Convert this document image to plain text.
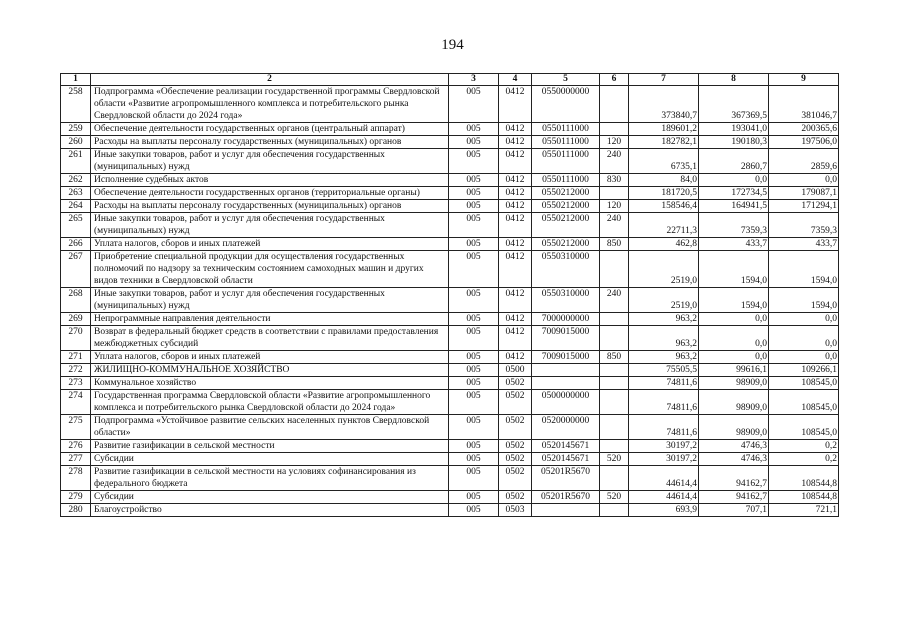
194
1	2	3	4	5	6	7	8	9
258	Подпрограмма «Обеспечение реализации государственной программы Свердловской области «Развитие агропромышленного комплекса и потребительского рынка Свердловской области до 2024 года»	005	0412	0550000000		373840,7	367369,5	381046,7
259	Обеспечение деятельности государственных органов (центральный аппарат)	005	0412	0550111000		189601,2	193041,0	200365,6
260	Расходы на выплаты персоналу государственных (муниципальных) органов	005	0412	0550111000	120	182782,1	190180,3	197506,0
261	Иные закупки товаров, работ и услуг для обеспечения государственных (муниципальных) нужд	005	0412	0550111000	240	6735,1	2860,7	2859,6
262	Исполнение судебных актов	005	0412	0550111000	830	84,0	0,0	0,0
263	Обеспечение деятельности государственных органов (территориальные органы)	005	0412	0550212000		181720,5	172734,5	179087,1
264	Расходы на выплаты персоналу государственных (муниципальных) органов	005	0412	0550212000	120	158546,4	164941,5	171294,1
265	Иные закупки товаров, работ и услуг для обеспечения государственных (муниципальных) нужд	005	0412	0550212000	240	22711,3	7359,3	7359,3
266	Уплата налогов, сборов и иных платежей	005	0412	0550212000	850	462,8	433,7	433,7
267	Приобретение специальной продукции для осуществления государственных полномочий по надзору за техническим состоянием самоходных машин и других видов техники в Свердловской области	005	0412	0550310000		2519,0	1594,0	1594,0
268	Иные закупки товаров, работ и услуг для обеспечения государственных (муниципальных) нужд	005	0412	0550310000	240	2519,0	1594,0	1594,0
269	Непрограммные направления деятельности	005	0412	7000000000		963,2	0,0	0,0
270	Возврат в федеральный бюджет средств в соответствии с правилами предоставления межбюджетных субсидий	005	0412	7009015000		963,2	0,0	0,0
271	Уплата налогов, сборов и иных платежей	005	0412	7009015000	850	963,2	0,0	0,0
272	ЖИЛИЩНО-КОММУНАЛЬНОЕ ХОЗЯЙСТВО	005	0500			75505,5	99616,1	109266,1
273	Коммунальное хозяйство	005	0502			74811,6	98909,0	108545,0
274	Государственная программа Свердловской области «Развитие агропромышленного комплекса и потребительского рынка Свердловской области до 2024 года»	005	0502	0500000000		74811,6	98909,0	108545,0
275	Подпрограмма «Устойчивое развитие сельских населенных пунктов Свердловской области»	005	0502	0520000000		74811,6	98909,0	108545,0
276	Развитие газификации в сельской местности	005	0502	0520145671		30197,2	4746,3	0,2
277	Субсидии	005	0502	0520145671	520	30197,2	4746,3	0,2
278	Развитие газификации в сельской местности на условиях софинансирования из федерального бюджета	005	0502	05201R5670		44614,4	94162,7	108544,8
279	Субсидии	005	0502	05201R5670	520	44614,4	94162,7	108544,8
280	Благоустройство	005	0503			693,9	707,1	721,1
